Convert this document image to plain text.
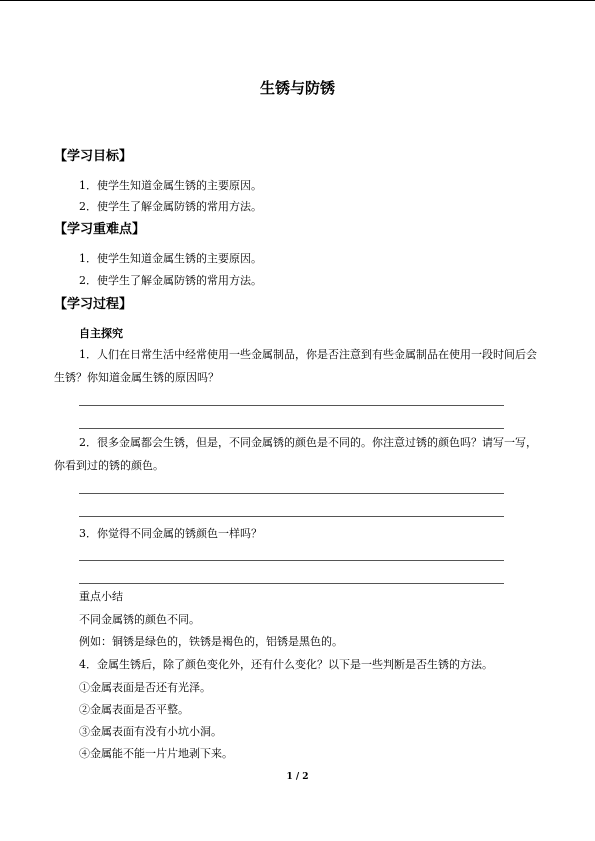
生锈与防锈
【学习目标】
1．使学生知道金属生锈的主要原因。
2．使学生了解金属防锈的常用方法。
【学习重难点】
1．使学生知道金属生锈的主要原因。
2．使学生了解金属防锈的常用方法。
【学习过程】
自主探究
1．人们在日常生活中经常使用一些金属制品，你是否注意到有些金属制品在使用一段时间后会生锈？你知道金属生锈的原因吗？
2．很多金属都会生锈，但是，不同金属锈的颜色是不同的。你注意过锈的颜色吗？请写一写，你看到过的锈的颜色。
3．你觉得不同金属的锈颜色一样吗？
重点小结
不同金属锈的颜色不同。
例如：铜锈是绿色的，铁锈是褐色的，铝锈是黑色的。
4．金属生锈后，除了颜色变化外，还有什么变化？以下是一些判断是否生锈的方法。
①金属表面是否还有光泽。
②金属表面是否平整。
③金属表面有没有小坑小洞。
④金属能不能一片片地剥下来。
1 / 2
